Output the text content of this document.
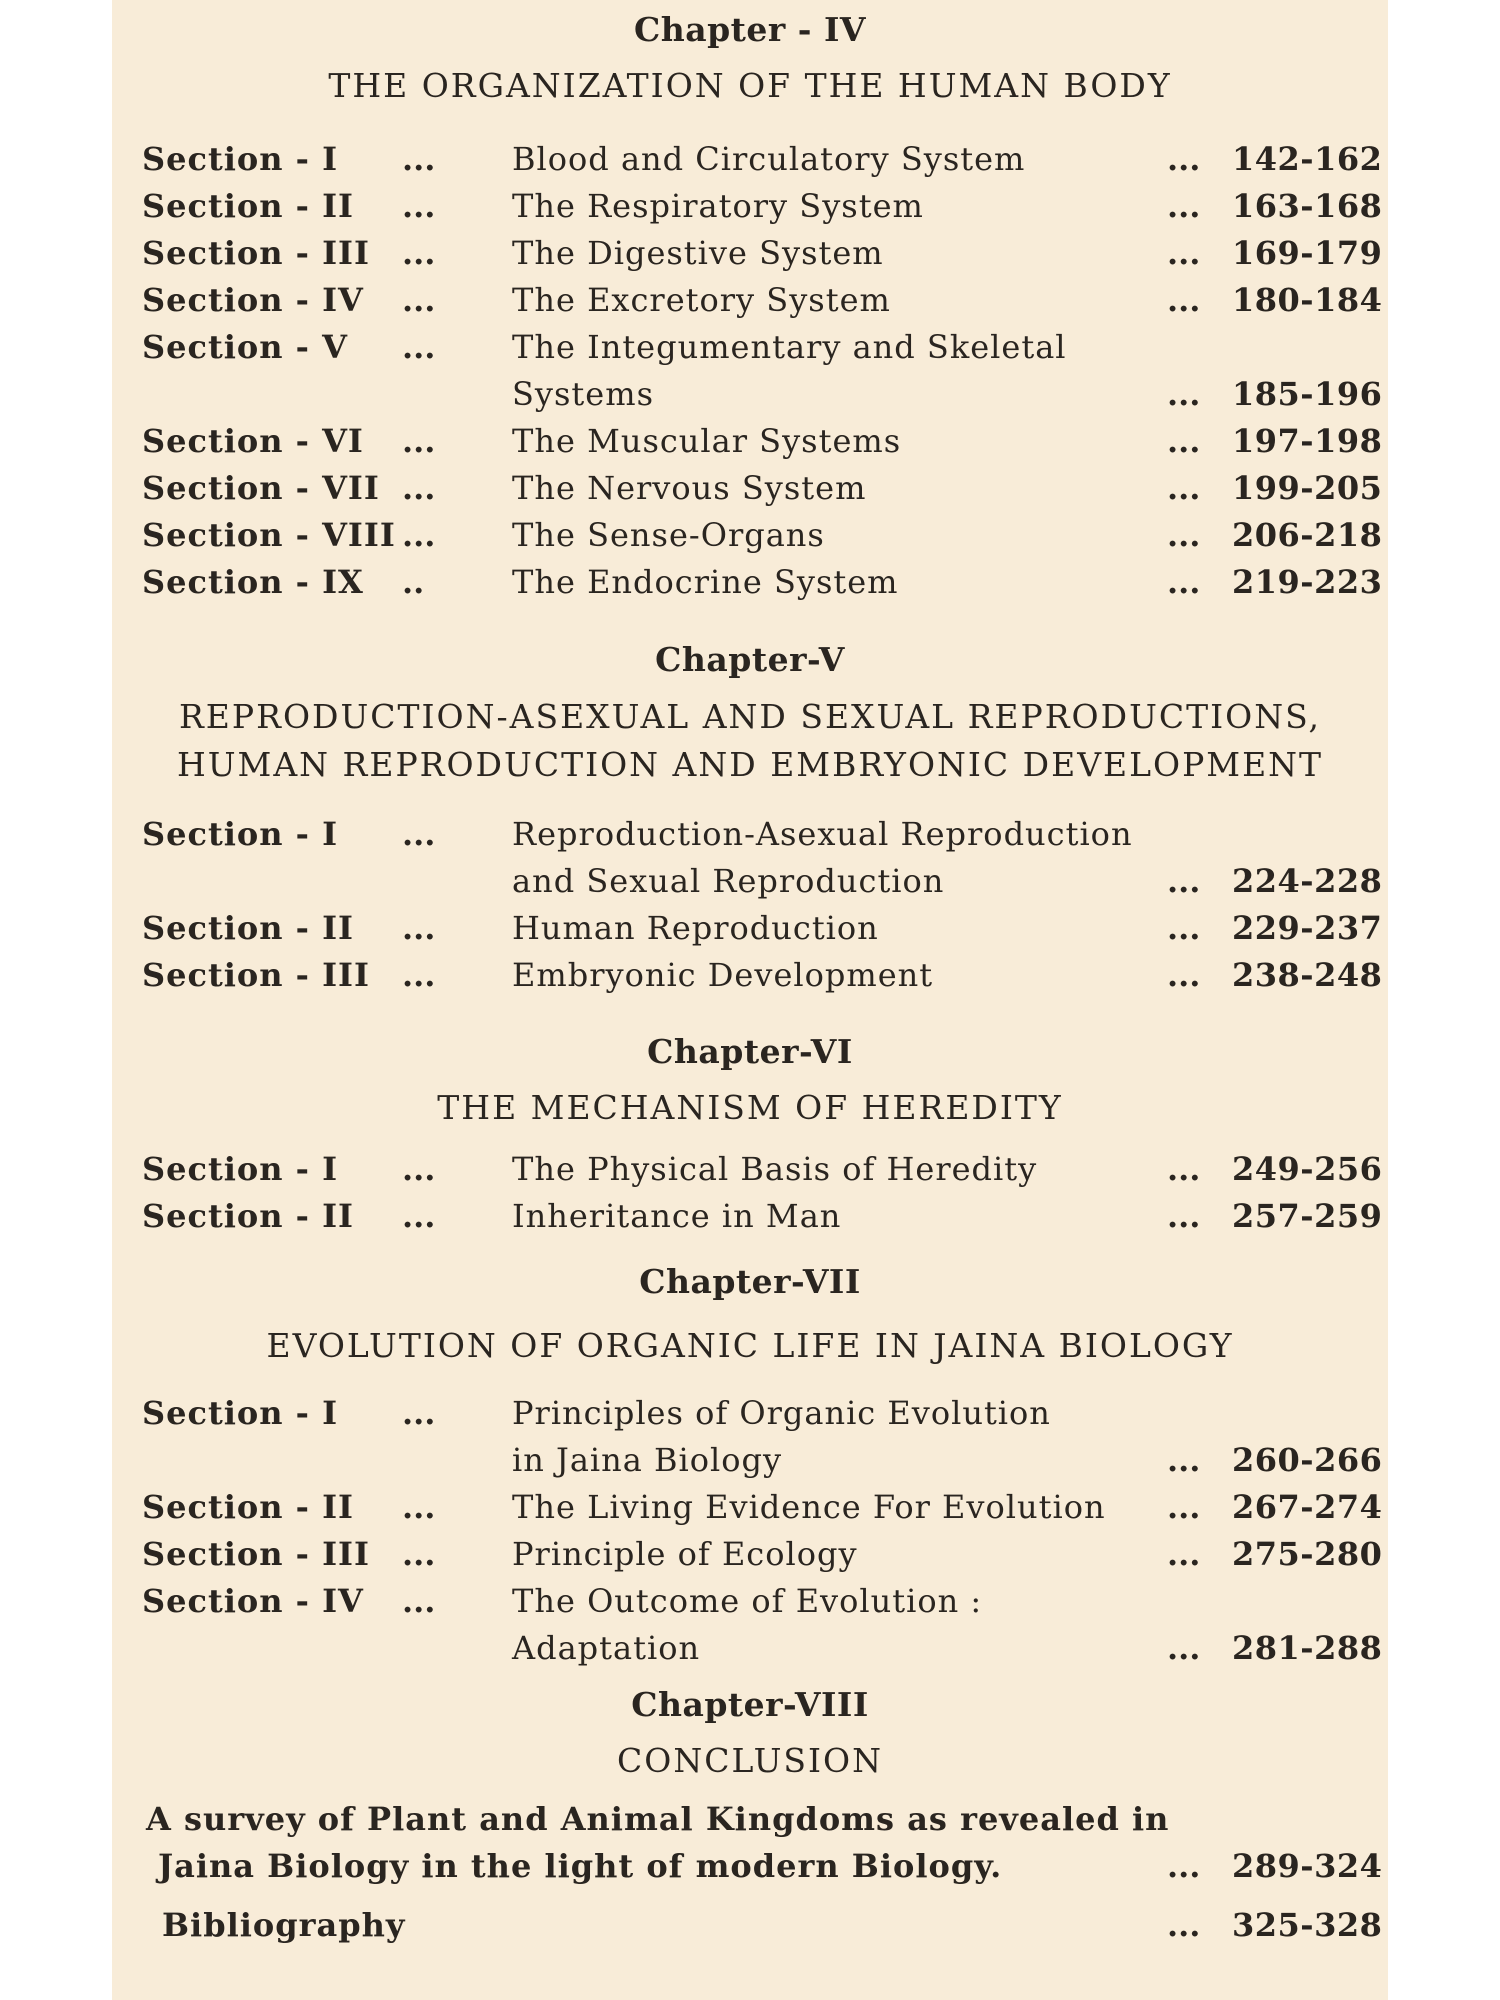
Chapter - IV
THE ORGANIZATION OF THE HUMAN BODY
Section - I ... Blood and Circulatory System	... 142-162
Section - II ... The Respiratory System	... 163-168
Section - III ... The Digestive System	... 169-179
Section - IV ... The Excretory System	... 180-184
Section - V ... The Integumentary and Skeletal
Systems	... 185-196
Section - VI ... The Muscular Systems	... 197-198
Section - VII ... The Nervous System	... 199-205
Section - VIII ... The Sense-Organs	... 206-218
Section - IX ..	The Endocrine System	... 219-223
Chapter-V
REPRODUCTION-ASEXUAL AND SEXUAL REPRODUCTIONS, HUMAN REPRODUCTION AND EMBRYONIC DEVELOPMENT
Section - I ... Reproduction-Asexual Reproduction
and Sexual Reproduction	... 224-228
Section - II ... Human Reproduction	... 229-237
Section - III ... Embryonic Development	... 238-248
Chapter-VI
THE MECHANISM OF HEREDITY
Section - I ... The Physical Basis of Heredity	... 249-256
Section - II ... Inheritance in Man	... 257-259
Chapter-VII
EVOLUTION OF ORGANIC LIFE IN JAINA BIOLOGY
Section - I ... Principles of Organic Evolution
in Jaina Biology	... 260-266
Section - II ... The Living Evidence For Evolution ... 267-274
Section - III ... Principle of Ecology	... 275-280
Section - IV ... The Outcome of Evolution :
Adaptation	... 281-288
Chapter-VIII
CONCLUSION
A survey of Plant and Animal Kingdoms as revealed in
Jaina Biology in the light of modern Biology.	... 289-324
Bibliography	... 325-328
